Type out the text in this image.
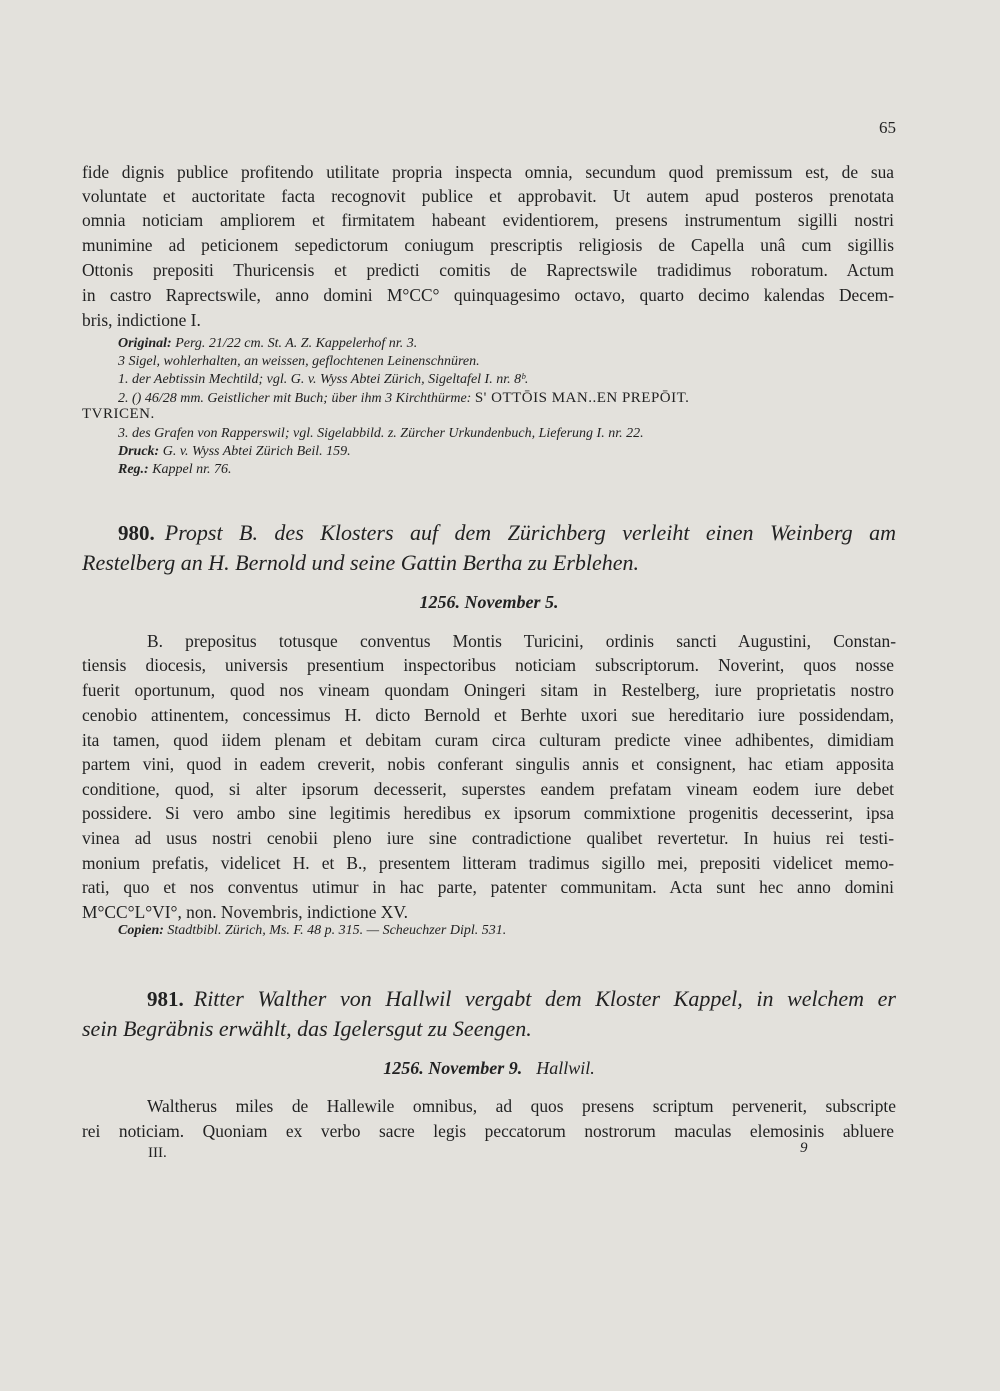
65
fide dignis publice profitendo utilitate propria inspecta omnia, secundum quod premissum est, de sua
voluntate et auctoritate facta recognovit publice et approbavit. Ut autem apud posteros prenotata
omnia noticiam ampliorem et firmitatem habeant evidentiorem, presens instrumentum sigilli nostri
munimine ad peticionem sepedictorum coniugum prescriptis religiosis de Capella unâ cum sigillis
Ottonis prepositi Thuricensis et predicti comitis de Raprectswile tradidimus roboratum. Actum
in castro Raprectswile, anno domini M°CC° quinquagesimo octavo, quarto decimo kalendas Decem-
bris, indictione I.
Original: Perg. 21/22 cm. St. A. Z. Kappelerhof nr. 3.
3 Sigel, wohlerhalten, an weissen, geflochtenen Leinenschnüren.
1. der Aebtissin Mechtild; vgl. G. v. Wyss Abtei Zürich, Sigeltafel I. nr. 8ᵇ.
2. () 46/28 mm. Geistlicher mit Buch; über ihm 3 Kirchthürme: S' OTTŌIS MAN..EN PREPŌIT.
TVRICEN.
3. des Grafen von Rapperswil; vgl. Sigelabbild. z. Zürcher Urkundenbuch, Lieferung I. nr. 22.
Druck: G. v. Wyss Abtei Zürich Beil. 159.
Reg.: Kappel nr. 76.
980. Propst B. des Klosters auf dem Zürichberg verleiht einen Weinberg am
Restelberg an H. Bernold und seine Gattin Bertha zu Erblehen.
1256. November 5.
B. prepositus totusque conventus Montis Turicini, ordinis sancti Augustini, Constan-
tiensis diocesis, universis presentium inspectoribus noticiam subscriptorum. Noverint, quos nosse
fuerit oportunum, quod nos vineam quondam Oningeri sitam in Restelberg, iure proprietatis nostro
cenobio attinentem, concessimus H. dicto Bernold et Berhte uxori sue hereditario iure possidendam,
ita tamen, quod iidem plenam et debitam curam circa culturam predicte vinee adhibentes, dimidiam
partem vini, quod in eadem creverit, nobis conferant singulis annis et consignent, hac etiam apposita
conditione, quod, si alter ipsorum decesserit, superstes eandem prefatam vineam eodem iure debet
possidere. Si vero ambo sine legitimis heredibus ex ipsorum commixtione progenitis decesserint, ipsa
vinea ad usus nostri cenobii pleno iure sine contradictione qualibet revertetur. In huius rei testi-
monium prefatis, videlicet H. et B., presentem litteram tradimus sigillo mei, prepositi videlicet memo-
rati, quo et nos conventus utimur in hac parte, patenter communitam. Acta sunt hec anno domini
M°CC°L°VI°, non. Novembris, indictione XV.
Copien: Stadtbibl. Zürich, Ms. F. 48 p. 315. — Scheuchzer Dipl. 531.
981. Ritter Walther von Hallwil vergabt dem Kloster Kappel, in welchem er
sein Begräbnis erwählt, das Igelersgut zu Seengen.
1256. November 9. Hallwil.
Waltherus miles de Hallewile omnibus, ad quos presens scriptum pervenerit, subscripte
rei noticiam. Quoniam ex verbo sacre legis peccatorum nostrorum maculas elemosinis abluere
III.	9
